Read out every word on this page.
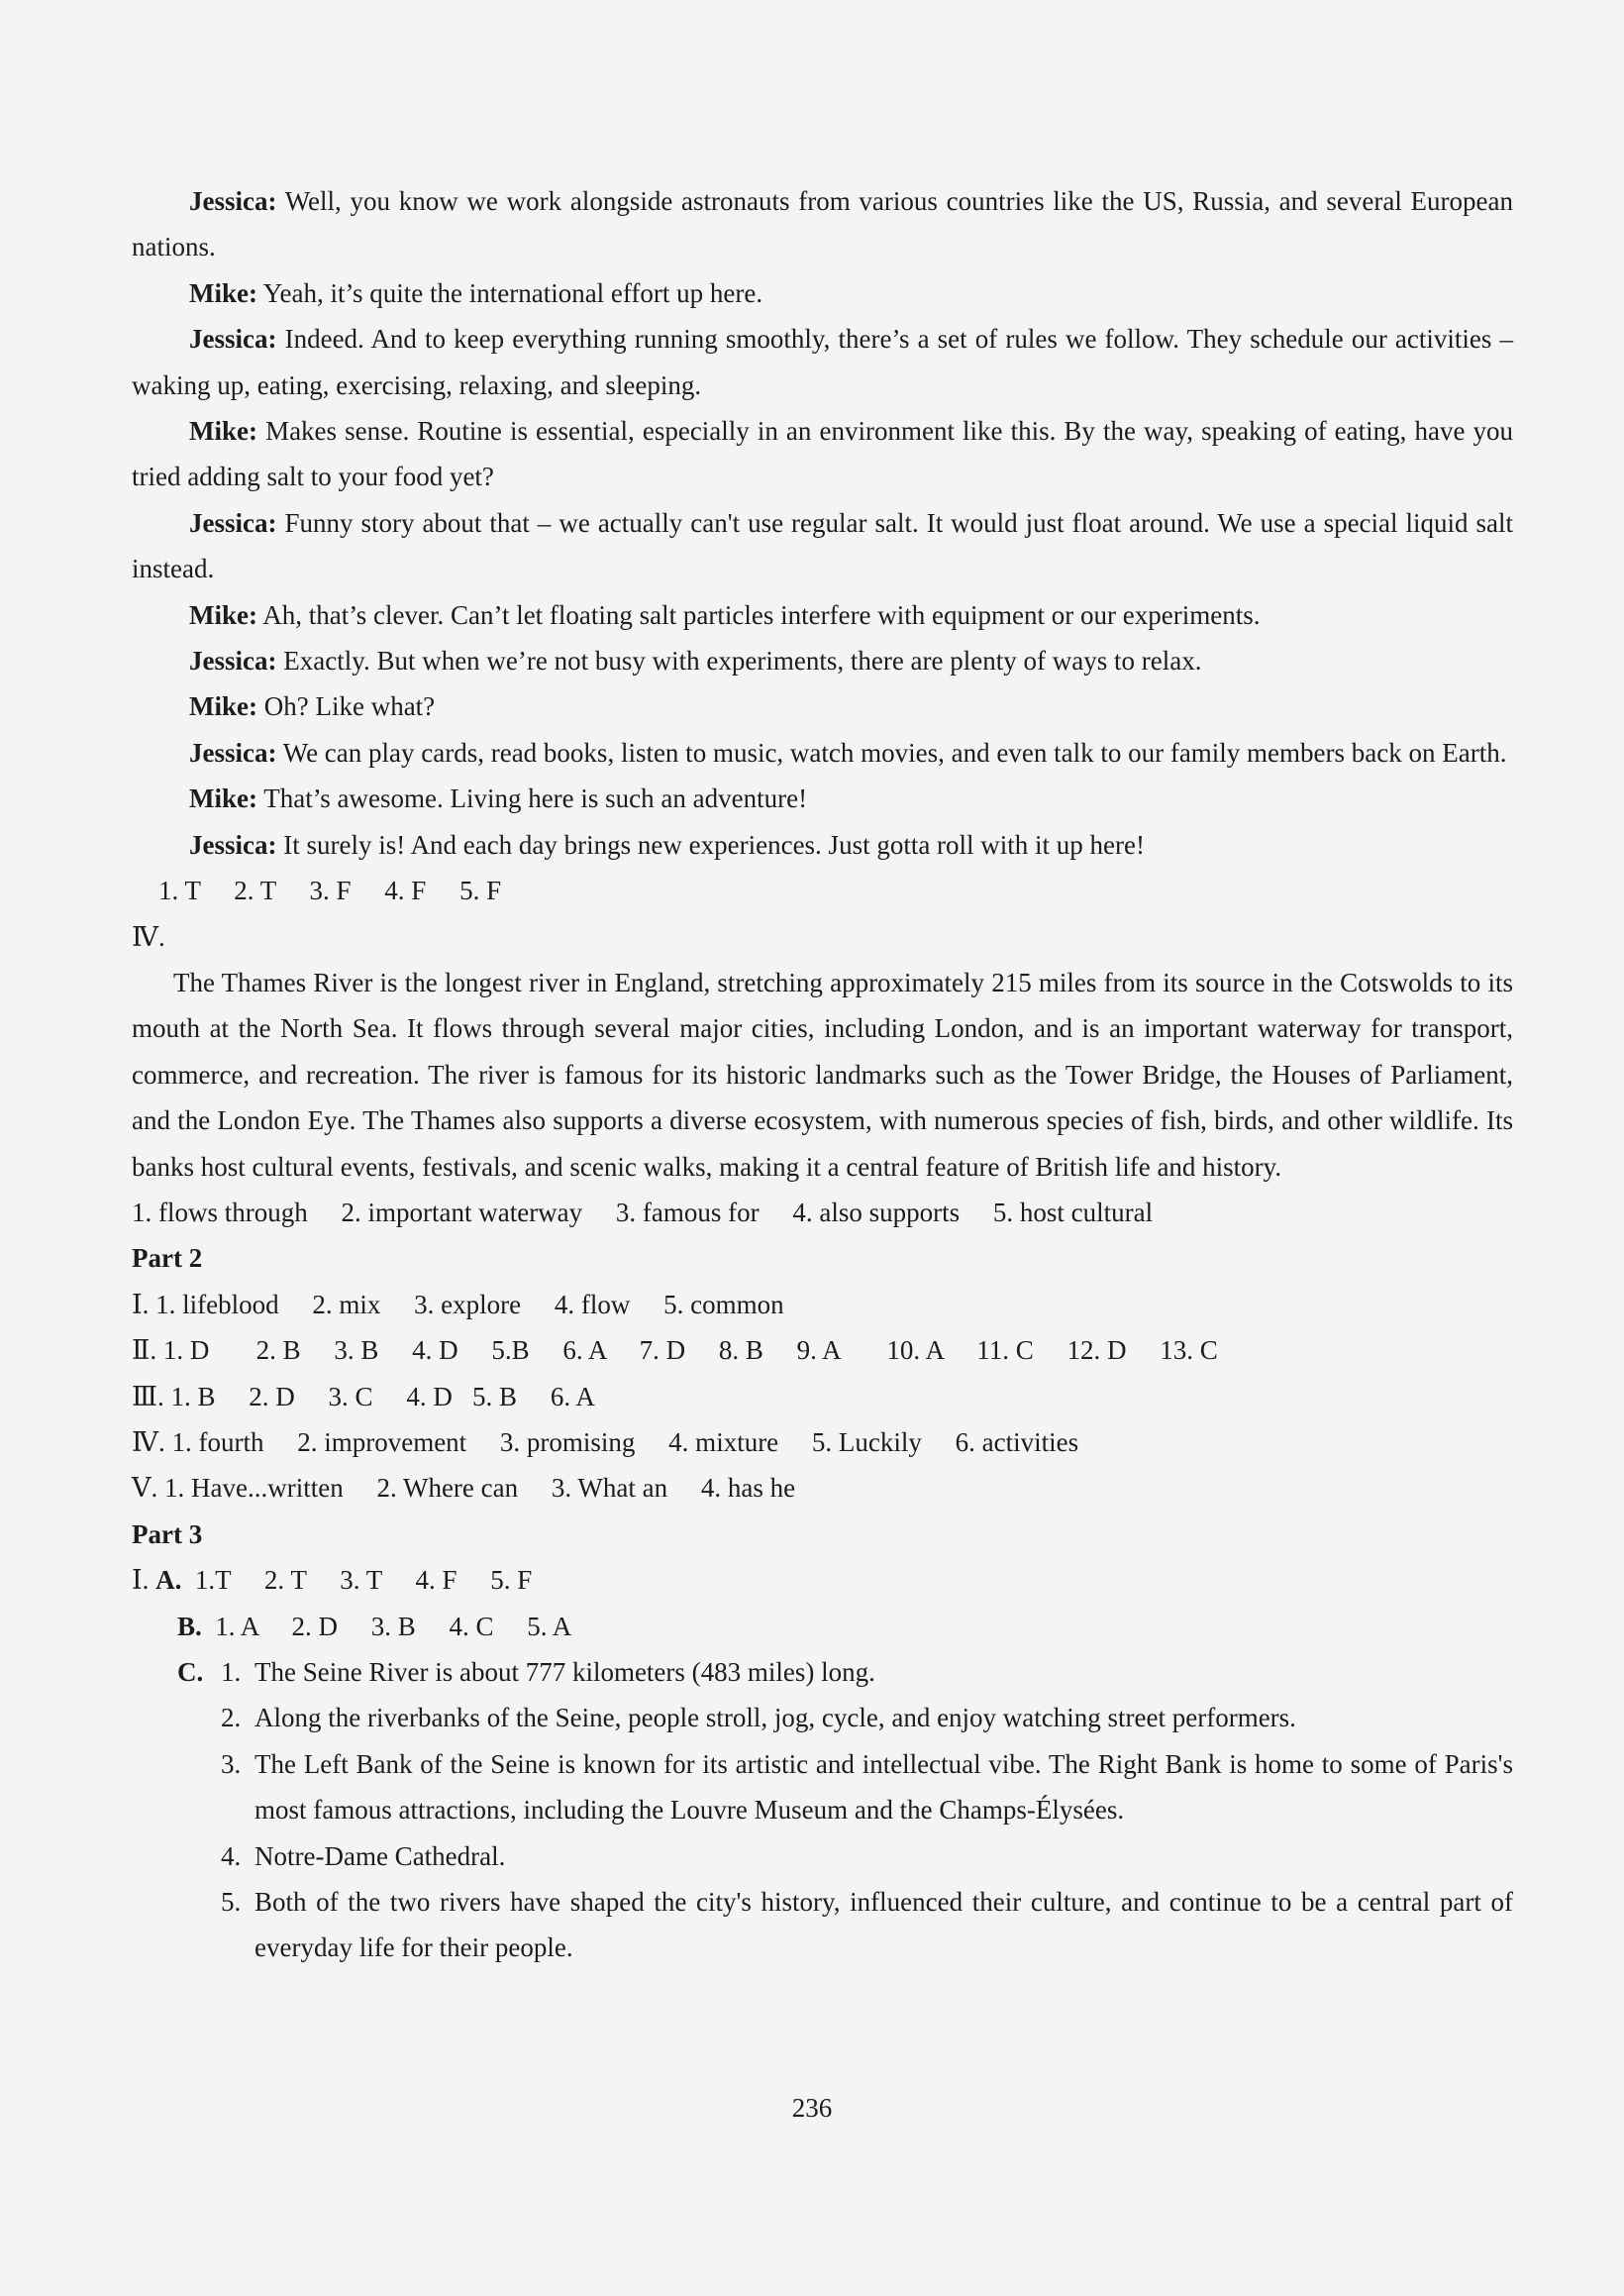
Jessica: Well, you know we work alongside astronauts from various countries like the US, Russia, and several European nations.

Mike: Yeah, it’s quite the international effort up here.

Jessica: Indeed. And to keep everything running smoothly, there’s a set of rules we follow. They schedule our activities – waking up, eating, exercising, relaxing, and sleeping.

Mike: Makes sense. Routine is essential, especially in an environment like this. By the way, speaking of eating, have you tried adding salt to your food yet?

Jessica: Funny story about that – we actually can't use regular salt. It would just float around. We use a special liquid salt instead.

Mike: Ah, that’s clever. Can’t let floating salt particles interfere with equipment or our experiments.

Jessica: Exactly. But when we’re not busy with experiments, there are plenty of ways to relax.

Mike: Oh? Like what?

Jessica: We can play cards, read books, listen to music, watch movies, and even talk to our family members back on Earth.

Mike: That’s awesome. Living here is such an adventure!

Jessica: It surely is! And each day brings new experiences. Just gotta roll with it up here!

1. T     2. T     3. F     4. F     5. F

Ⅳ.

The Thames River is the longest river in England, stretching approximately 215 miles from its source in the Cotswolds to its mouth at the North Sea. It flows through several major cities, including London, and is an important waterway for transport, commerce, and recreation. The river is famous for its historic landmarks such as the Tower Bridge, the Houses of Parliament, and the London Eye. The Thames also supports a diverse ecosystem, with numerous species of fish, birds, and other wildlife. Its banks host cultural events, festivals, and scenic walks, making it a central feature of British life and history.

1. flows through     2. important waterway     3. famous for     4. also supports     5. host cultural

Part 2

Ⅰ. 1. lifeblood     2. mix     3. explore     4. flow     5. common

Ⅱ. 1. D       2. B     3. B     4. D     5.B     6. A     7. D     8. B     9. A       10. A     11. C     12. D     13. C

Ⅲ. 1. B     2. D     3. C     4. D   5. B     6. A

Ⅳ. 1. fourth     2. improvement     3. promising     4. mixture     5. Luckily     6. activities

Ⅴ. 1. Have...written     2. Where can     3. What an     4. has he

Part 3

Ⅰ. A.  1.T     2. T     3. T     4. F     5. F

B.  1. A     2. D     3. B     4. C     5. A

C. 1. The Seine River is about 777 kilometers (483 miles) long.
2. Along the riverbanks of the Seine, people stroll, jog, cycle, and enjoy watching street performers.
3. The Left Bank of the Seine is known for its artistic and intellectual vibe. The Right Bank is home to some of Paris's most famous attractions, including the Louvre Museum and the Champs-Élysées.
4. Notre-Dame Cathedral.
5. Both of the two rivers have shaped the city's history, influenced their culture, and continue to be a central part of everyday life for their people.
236
